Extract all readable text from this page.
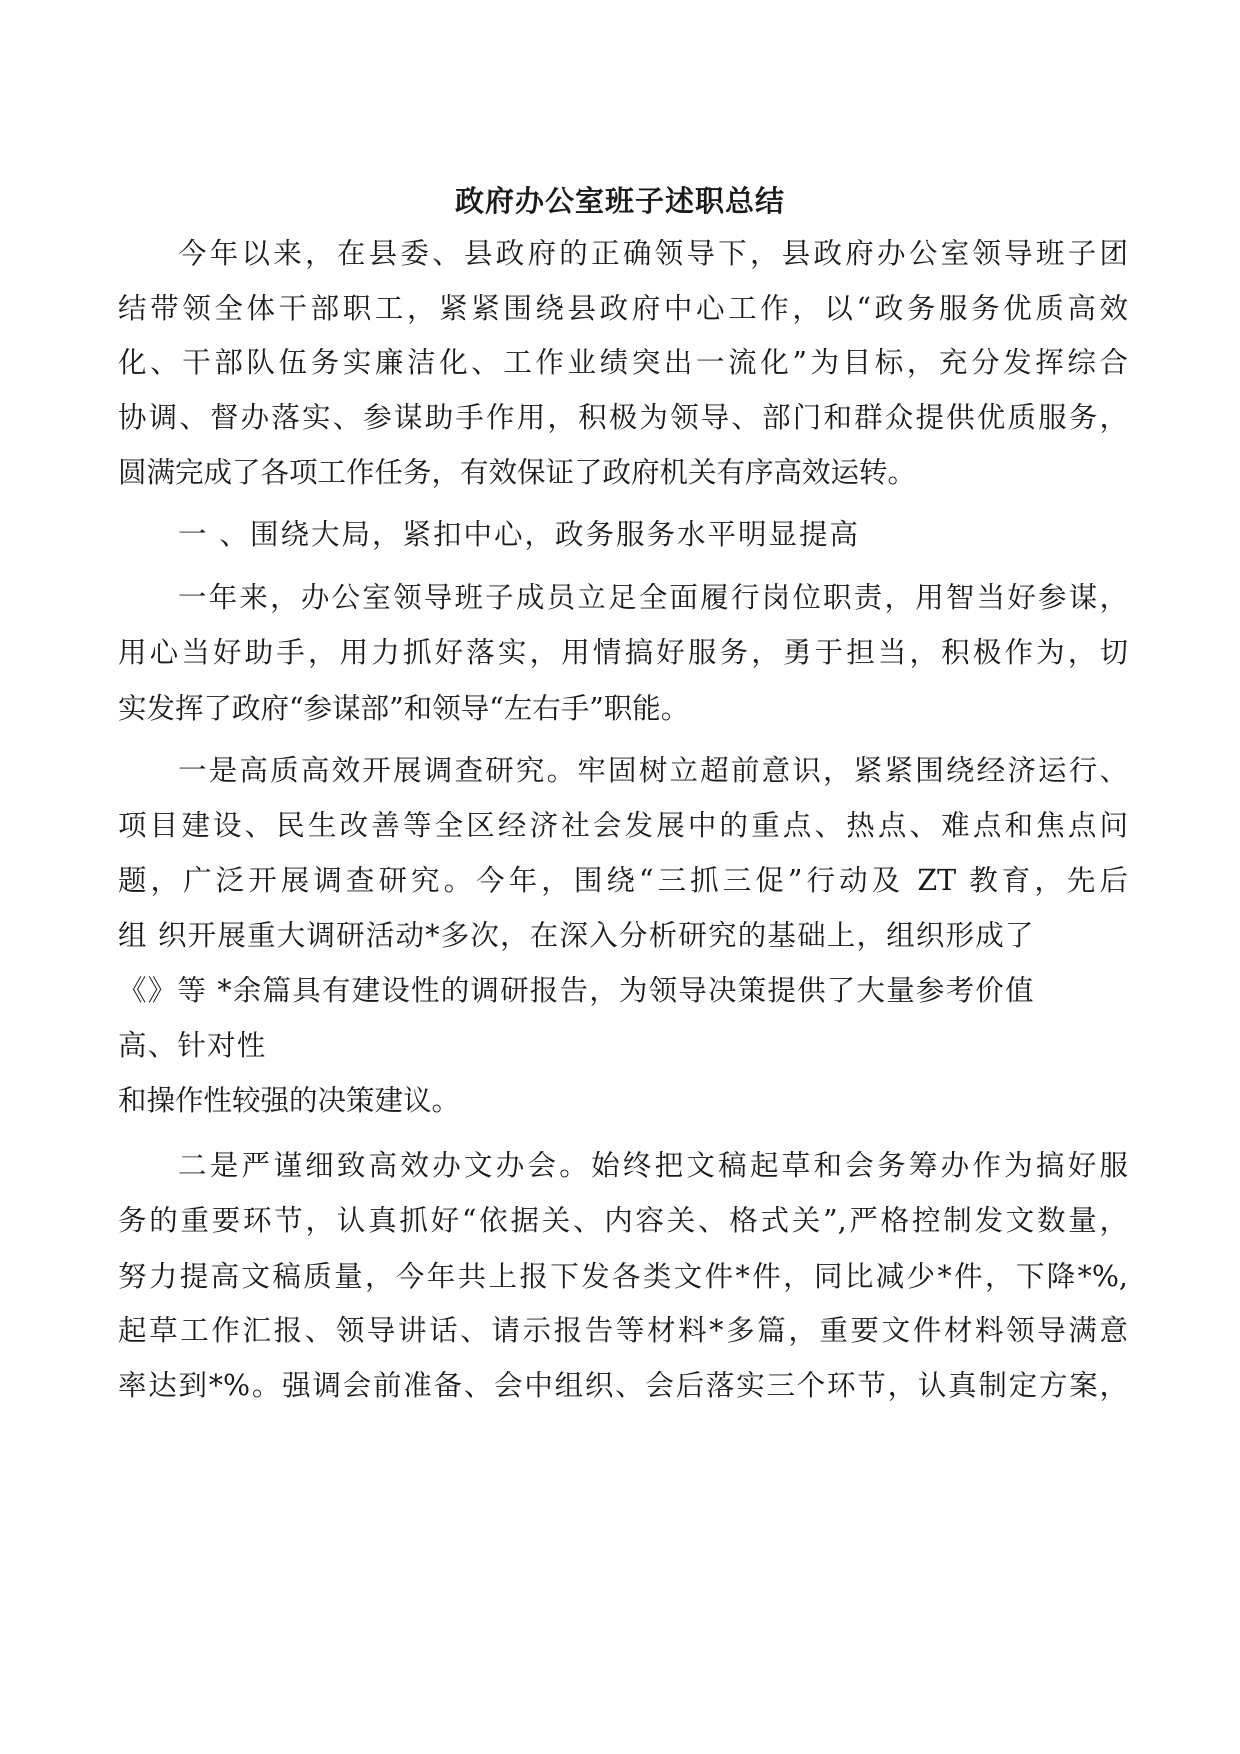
政府办公室班子述职总结
今年以来，在县委、县政府的正确领导下，县政府办公室领导班子团
结带领全体干部职工，紧紧围绕县政府中心工作，以“政务服务优质高效
化、干部队伍务实廉洁化、工作业绩突出一流化”为目标，充分发挥综合
协调、督办落实、参谋助手作用，积极为领导、部门和群众提供优质服务，
圆满完成了各项工作任务，有效保证了政府机关有序高效运转。
一 、围绕大局，紧扣中心，政务服务水平明显提高
一年来，办公室领导班子成员立足全面履行岗位职责，用智当好参谋，
用心当好助手，用力抓好落实，用情搞好服务，勇于担当，积极作为，切
实发挥了政府“参谋部”和领导“左右手”职能。
一是高质高效开展调查研究。牢固树立超前意识，紧紧围绕经济运行、
项目建设、民生改善等全区经济社会发展中的重点、热点、难点和焦点问
题，广泛开展调查研究。今年，围绕“三抓三促”行动及 ZT 教育，先后
组 织开展重大调研活动*多次，在深入分析研究的基础上，组织形成了
《》等 *余篇具有建设性的调研报告，为领导决策提供了大量参考价值
高、针对性
和操作性较强的决策建议。
二是严谨细致高效办文办会。始终把文稿起草和会务筹办作为搞好服
务的重要环节，认真抓好“依据关、内容关、格式关”,严格控制发文数量，
努力提高文稿质量，今年共上报下发各类文件*件，同比减少*件，下降*%,
起草工作汇报、领导讲话、请示报告等材料*多篇，重要文件材料领导满意
率达到*%。强调会前准备、会中组织、会后落实三个环节，认真制定方案，
